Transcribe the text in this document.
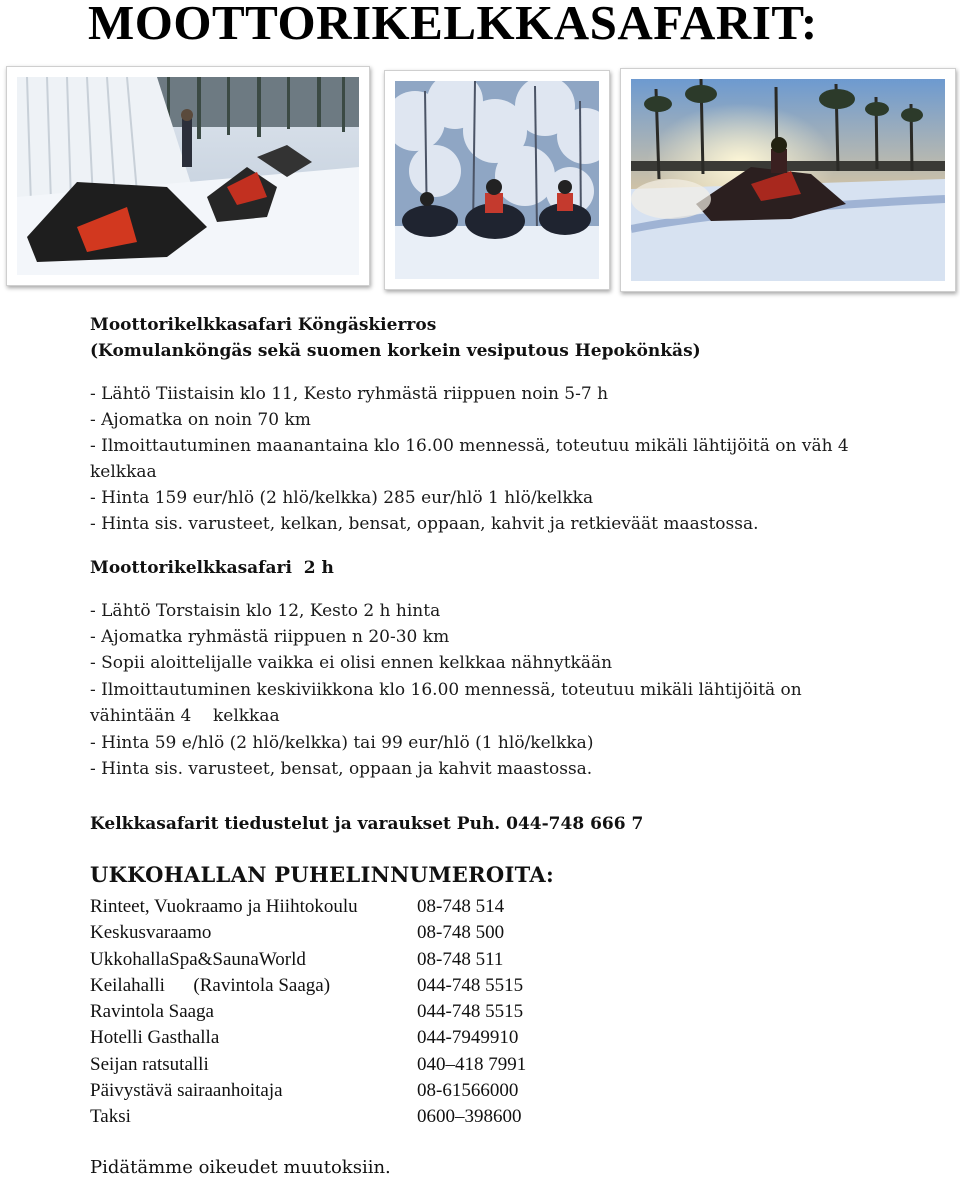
MOOTTORIKELKKASAFARIT:

Moottorikelkkasafari Köngäskierros

(Komulanköngäs sekä suomen korkein vesiputous Hepokönkäs)

- Lähtö Tiistaisin klo 11, Kesto ryhmästä riippuen noin 5-7 h

- Ajomatka on noin 70 km

- Ilmoittautuminen maanantaina klo 16.00 mennessä, toteutuu mikäli lähtijöitä on väh 4

kelkkaa

- Hinta 159 eur/hlö (2 hlö/kelkka) 285 eur/hlö 1 hlö/kelkka

- Hinta sis. varusteet, kelkan, bensat, oppaan, kahvit ja retkieväät maastossa.

Moottorikelkkasafari  2 h

- Lähtö Torstaisin klo 12, Kesto 2 h hinta

- Ajomatka ryhmästä riippuen n 20-30 km

- Sopii aloittelijalle vaikka ei olisi ennen kelkkaa nähnytkään

- Ilmoittautuminen keskiviikkona klo 16.00 mennessä, toteutuu mikäli lähtijöitä on

vähintään 4    kelkkaa

- Hinta 59 e/hlö (2 hlö/kelkka) tai 99 eur/hlö (1 hlö/kelkka)

- Hinta sis. varusteet, bensat, oppaan ja kahvit maastossa.

Kelkkasafarit tiedustelut ja varaukset Puh. 044-748 666 7

UKKOHALLAN PUHELINNUMEROITA:
Rinteet, Vuokraamo ja Hiihtokoulu	08-748 514
Keskusvaraamo	08-748 500
UkkohallaSpa&SaunaWorld	08-748 511
Keilahalli      (Ravintola Saaga)	044-748 5515
Ravintola Saaga	044-748 5515
Hotelli Gasthalla	044-7949910
Seijan ratsutalli	040–418 7991
Päivystävä sairaanhoitaja	08-61566000
Taksi	0600–398600

Pidätämme oikeudet muutoksiin.
